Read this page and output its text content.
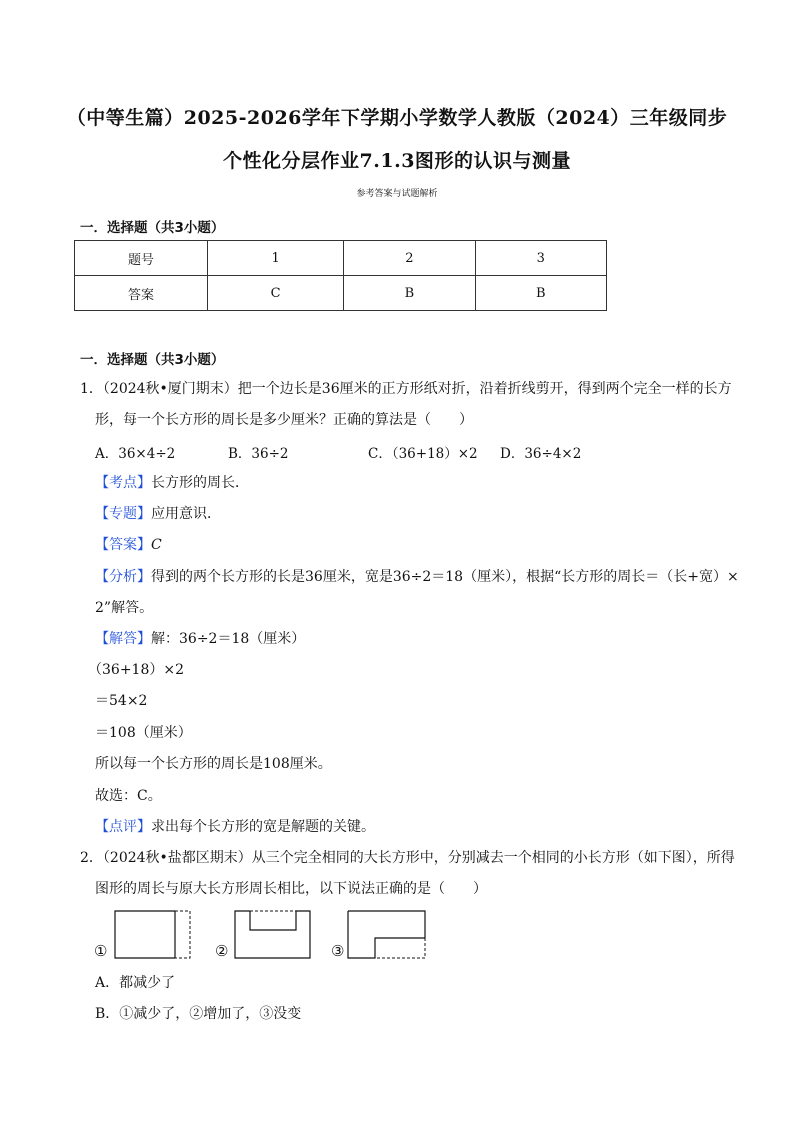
（中等生篇）2025-2026学年下学期小学数学人教版（2024）三年级同步
个性化分层作业7.1.3图形的认识与测量
参考答案与试题解析
一．选择题（共3小题）
题号	1	2	3
答案	C	B	B
一．选择题（共3小题）
1．（2024秋•厦门期末）把一个边长是36厘米的正方形纸对折，沿着折线剪开，得到两个完全一样的长方
形，每一个长方形的周长是多少厘米？正确的算法是（　　）
A．36×4÷2	B．36÷2	C．（36+18）×2 D．36÷4×2
【考点】长方形的周长．
【专题】应用意识．
【答案】C
【分析】得到的两个长方形的长是36厘米，宽是36÷2＝18（厘米），根据“长方形的周长＝（长+宽）×
2”解答。
【解答】解：36÷2＝18（厘米）
（36+18）×2
＝54×2
＝108（厘米）
所以每一个长方形的周长是108厘米。
故选：C。
【点评】求出每个长方形的宽是解题的关键。
2．（2024秋•盐都区期末）从三个完全相同的大长方形中，分别减去一个相同的小长方形（如下图），所得
图形的周长与原大长方形周长相比，以下说法正确的是（　　）
①	②	③
A．都减少了
B．①减少了，②增加了，③没变
